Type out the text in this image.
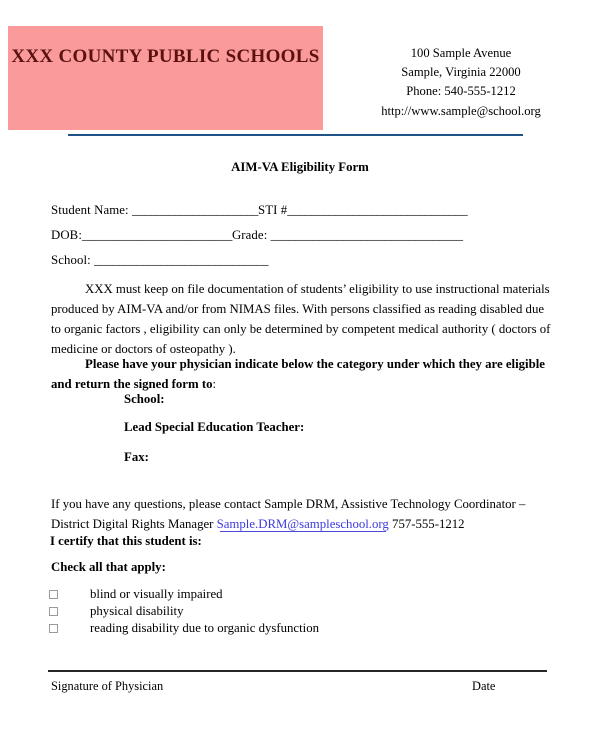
XXX COUNTY PUBLIC SCHOOLS	100 Sample Avenue
Sample, Virginia 22000
Phone: 540-555-1212
http://www.sample@school.org
AIM-VA Eligibility Form
Student Name: _____________________STI #______________________________
DOB:_________________________Grade: ________________________________
School: _____________________________
XXX must keep on file documentation of students’ eligibility to use instructional materials produced by AIM-VA and/or from NIMAS files. With persons classified as reading disabled due to organic factors , eligibility can only be determined by competent medical authority ( doctors of medicine or doctors of osteopathy ).
Please have your physician indicate below the category under which they are eligible and return the signed form to:
School:
Lead Special Education Teacher:
Fax:
If you have any questions, please contact Sample DRM, Assistive Technology Coordinator – District Digital Rights Manager Sample.DRM@sampleschool.org 757-555-1212
I certify that this student is:
Check all that apply:
blind or visually impaired
physical disability
reading disability due to organic dysfunction
Signature of Physician	Date
